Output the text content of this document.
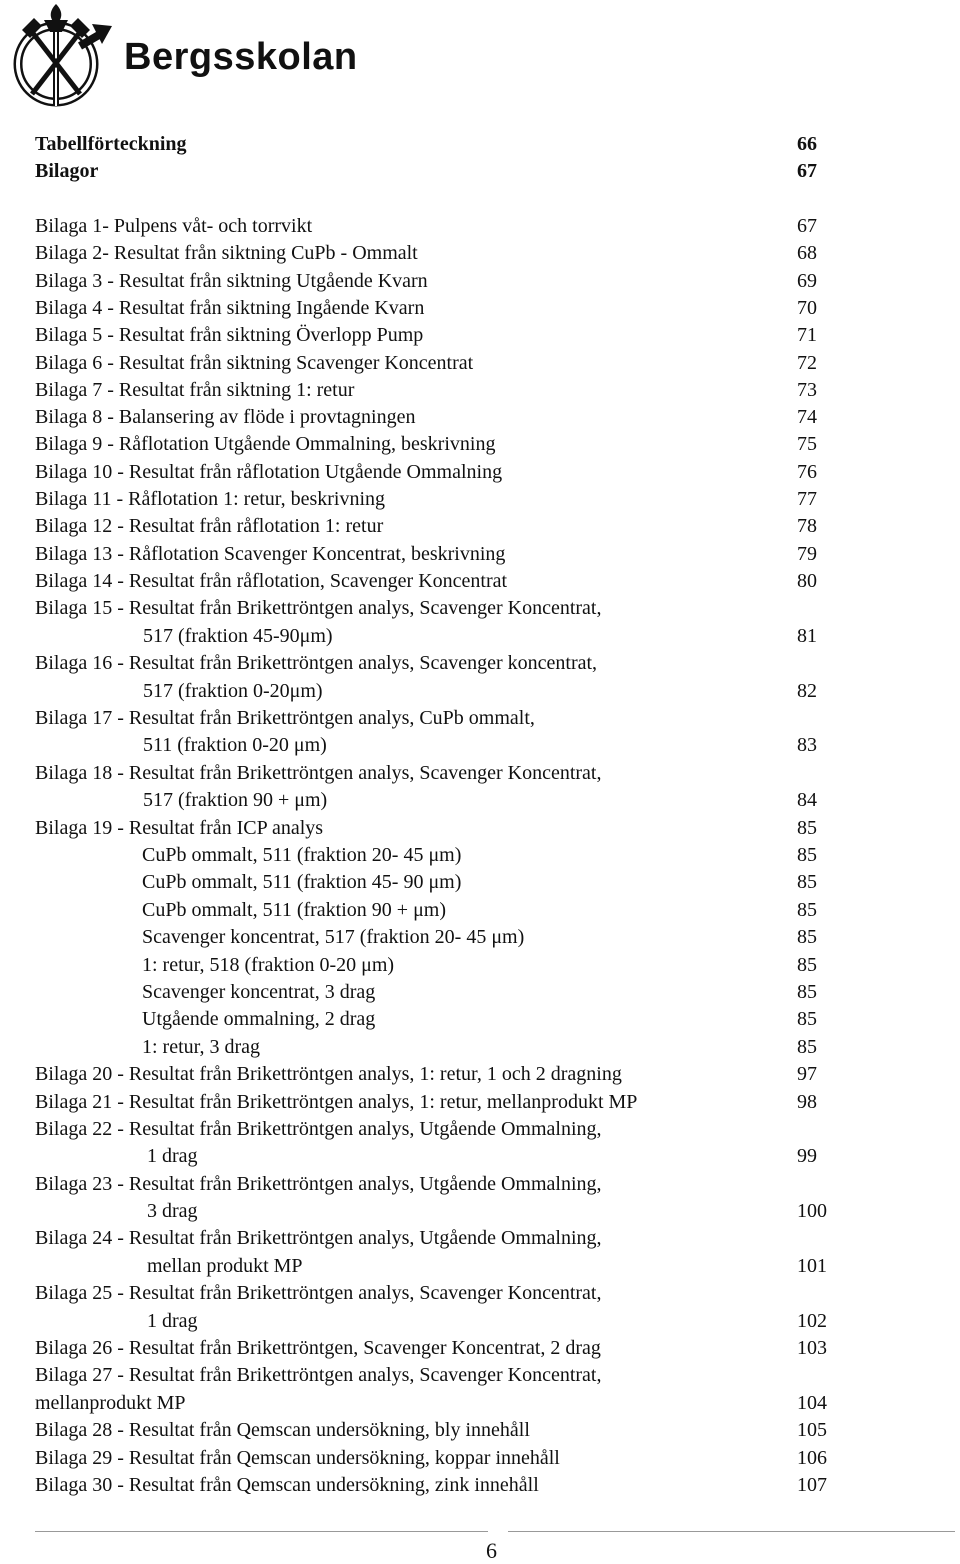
Bergsskolan
Tabellförteckning	66
Bilagor	67
Bilaga 1- Pulpens våt- och torrvikt	67
Bilaga 2- Resultat från siktning CuPb - Ommalt	68
Bilaga 3 - Resultat från siktning Utgående Kvarn	69
Bilaga 4 - Resultat från siktning Ingående Kvarn	70
Bilaga 5 - Resultat från siktning Överlopp Pump	71
Bilaga 6 - Resultat från siktning Scavenger Koncentrat	72
Bilaga 7 - Resultat från siktning 1: retur	73
Bilaga 8 - Balansering av flöde i provtagningen	74
Bilaga 9 - Råflotation Utgående Ommalning, beskrivning	75
Bilaga 10 - Resultat från råflotation Utgående Ommalning	76
Bilaga 11 - Råflotation 1: retur, beskrivning	77
Bilaga 12 - Resultat från råflotation 1: retur	78
Bilaga 13 - Råflotation Scavenger Koncentrat, beskrivning	79
Bilaga 14 - Resultat från råflotation, Scavenger Koncentrat	80
Bilaga 15 - Resultat från Brikettröntgen analys, Scavenger Koncentrat,
517 (fraktion 45-90μm)	81
Bilaga 16 - Resultat från Brikettröntgen analys, Scavenger koncentrat,
517 (fraktion 0-20μm)	82
Bilaga 17 - Resultat från Brikettröntgen analys, CuPb ommalt,
511 (fraktion 0-20 μm)	83
Bilaga 18 - Resultat från Brikettröntgen analys, Scavenger Koncentrat,
517 (fraktion 90 + μm)	84
Bilaga 19 - Resultat från ICP analys	85
CuPb ommalt, 511 (fraktion 20- 45 μm)	85
CuPb ommalt, 511 (fraktion 45- 90 μm)	85
CuPb ommalt, 511 (fraktion 90 + μm)	85
Scavenger koncentrat, 517 (fraktion 20- 45 μm)	85
1: retur, 518 (fraktion 0-20 μm)	85
Scavenger koncentrat, 3 drag	85
Utgående ommalning, 2 drag	85
1: retur, 3 drag	85
Bilaga 20 - Resultat från Brikettröntgen analys, 1: retur, 1 och 2 dragning	97
Bilaga 21 - Resultat från Brikettröntgen analys, 1: retur, mellanprodukt MP	98
Bilaga 22 - Resultat från Brikettröntgen analys, Utgående Ommalning,
1 drag	99
Bilaga 23 - Resultat från Brikettröntgen analys, Utgående Ommalning,
3 drag	100
Bilaga 24 - Resultat från Brikettröntgen analys, Utgående Ommalning,
mellan produkt MP	101
Bilaga 25 - Resultat från Brikettröntgen analys, Scavenger Koncentrat,
1 drag	102
Bilaga 26 - Resultat från Brikettröntgen, Scavenger Koncentrat, 2 drag	103
Bilaga 27 - Resultat från Brikettröntgen analys, Scavenger Koncentrat,
mellanprodukt MP	104
Bilaga 28 - Resultat från Qemscan undersökning, bly innehåll	105
Bilaga 29 - Resultat från Qemscan undersökning, koppar innehåll	106
Bilaga 30 - Resultat från Qemscan undersökning, zink innehåll	107
6
